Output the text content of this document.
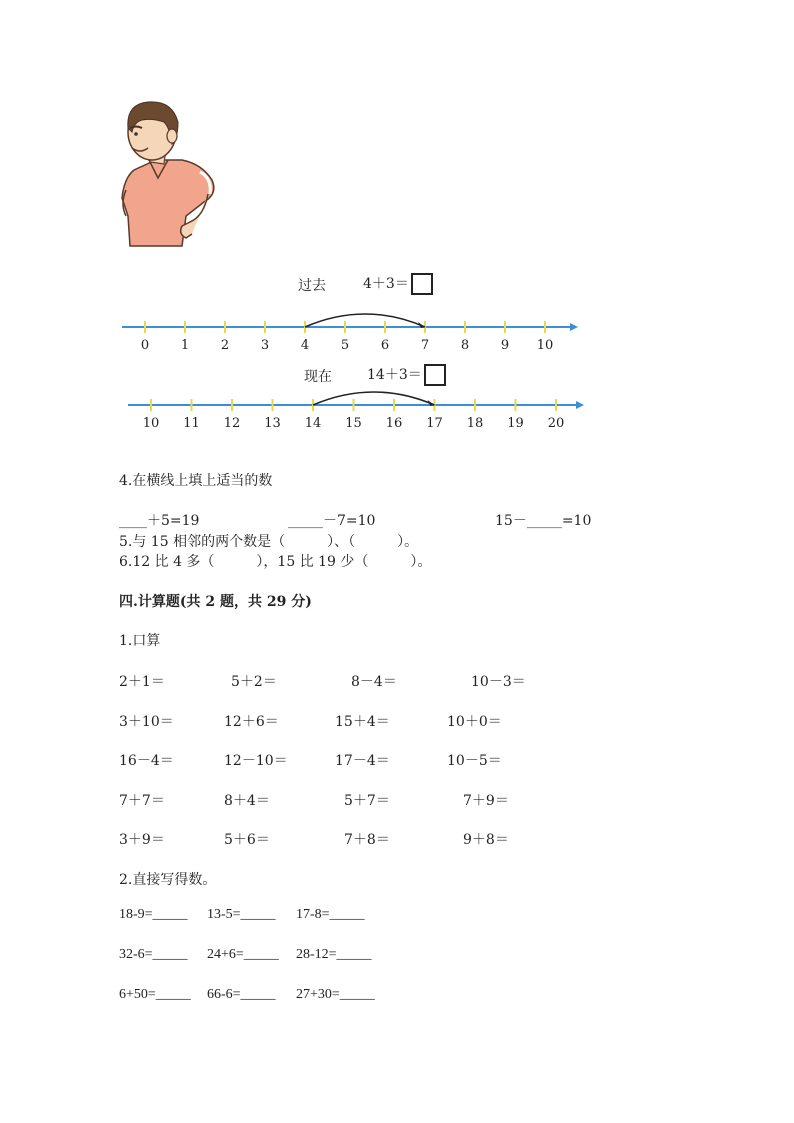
过去	4＋3＝
0 1 2 3 4 5 6 7 8 9 10
现在	14＋3＝
10 11 12 13 14 15 16 17 18 19 20
4.在横线上填上适当的数
____＋5=19	_____－7=10	15－_____=10
5.与 15 相邻的两个数是（　　　）、（　　　）。
6.12 比 4 多（　　　），15 比 19 少（　　　）。
四.计算题(共 2 题，共 29 分)
1.口算
2＋1＝	5＋2＝	8－4＝	10－3＝
3＋10＝	12＋6＝	15＋4＝	10＋0＝
16－4＝	12－10＝	17－4＝	10－5＝
7＋7＝	8＋4＝	5＋7＝	7＋9＝
3＋9＝	5＋6＝	7＋8＝	9＋8＝
2.直接写得数。
18-9=_____ 13-5=_____ 17-8=_____
32-6=_____ 24+6=_____ 28-12=_____
6+50=_____ 66-6=_____ 27+30=_____
